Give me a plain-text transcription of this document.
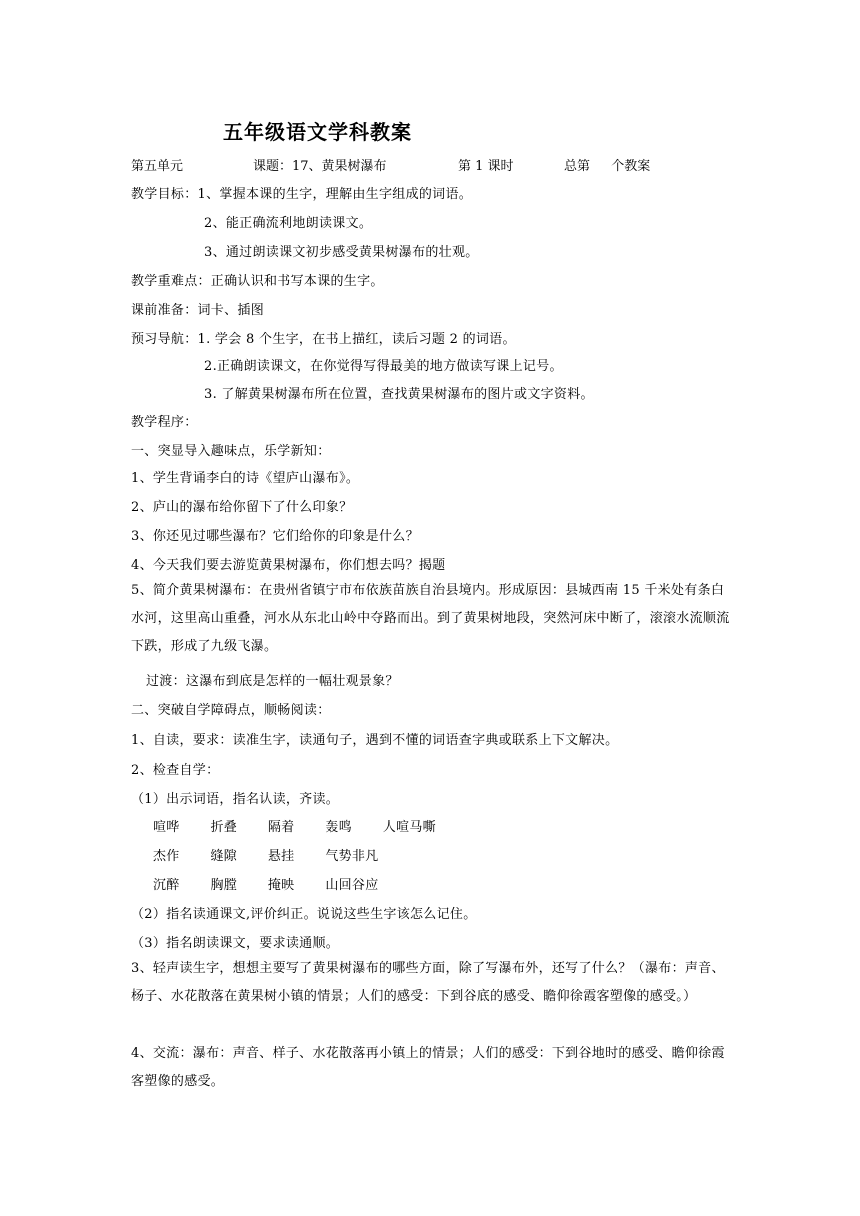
五年级语文学科教案
第五单元	课题：17、黄果树瀑布	第 1 课时	总第 　 个教案
教学目标：1、掌握本课的生字，理解由生字组成的词语。
2、能正确流利地朗读课文。
3、通过朗读课文初步感受黄果树瀑布的壮观。
教学重难点：正确认识和书写本课的生字。
课前准备：词卡、插图
预习导航：1. 学会 8 个生字，在书上描红，读后习题 2 的词语。
2.正确朗读课文，在你觉得写得最美的地方做读写课上记号。
3. 了解黄果树瀑布所在位置，查找黄果树瀑布的图片或文字资料。
教学程序：
一、突显导入趣味点，乐学新知：
1、学生背诵李白的诗《望庐山瀑布》。
2、庐山的瀑布给你留下了什么印象？
3、你还见过哪些瀑布？它们给你的印象是什么？
4、今天我们要去游览黄果树瀑布，你们想去吗？揭题
5、简介黄果树瀑布：在贵州省镇宁市布依族苗族自治县境内。形成原因：县城西南 15 千米处有条白水河，这里高山重叠，河水从东北山岭中夺路而出。到了黄果树地段，突然河床中断了，滚滚水流顺流下跌，形成了九级飞瀑。
过渡：这瀑布到底是怎样的一幅壮观景象？
二、突破自学障碍点，顺畅阅读：
1、自读，要求：读准生字，读通句子，遇到不懂的词语查字典或联系上下文解决。
2、检查自学：
（1）出示词语，指名认读，齐读。
喧哗 折叠 隔着 轰鸣 人喧马嘶
杰作 缝隙 悬挂 气势非凡
沉醉 胸膛 掩映 山回谷应
（2）指名读通课文,评价纠正。说说这些生字该怎么记住。
（3）指名朗读课文，要求读通顺。
3、轻声读生字，想想主要写了黄果树瀑布的哪些方面，除了写瀑布外，还写了什么？（瀑布：声音、杨子、水花散落在黄果树小镇的情景；人们的感受：下到谷底的感受、瞻仰徐霞客塑像的感受。）
4、交流：瀑布：声音、样子、水花散落再小镇上的情景；人们的感受：下到谷地时的感受、瞻仰徐霞客塑像的感受。
